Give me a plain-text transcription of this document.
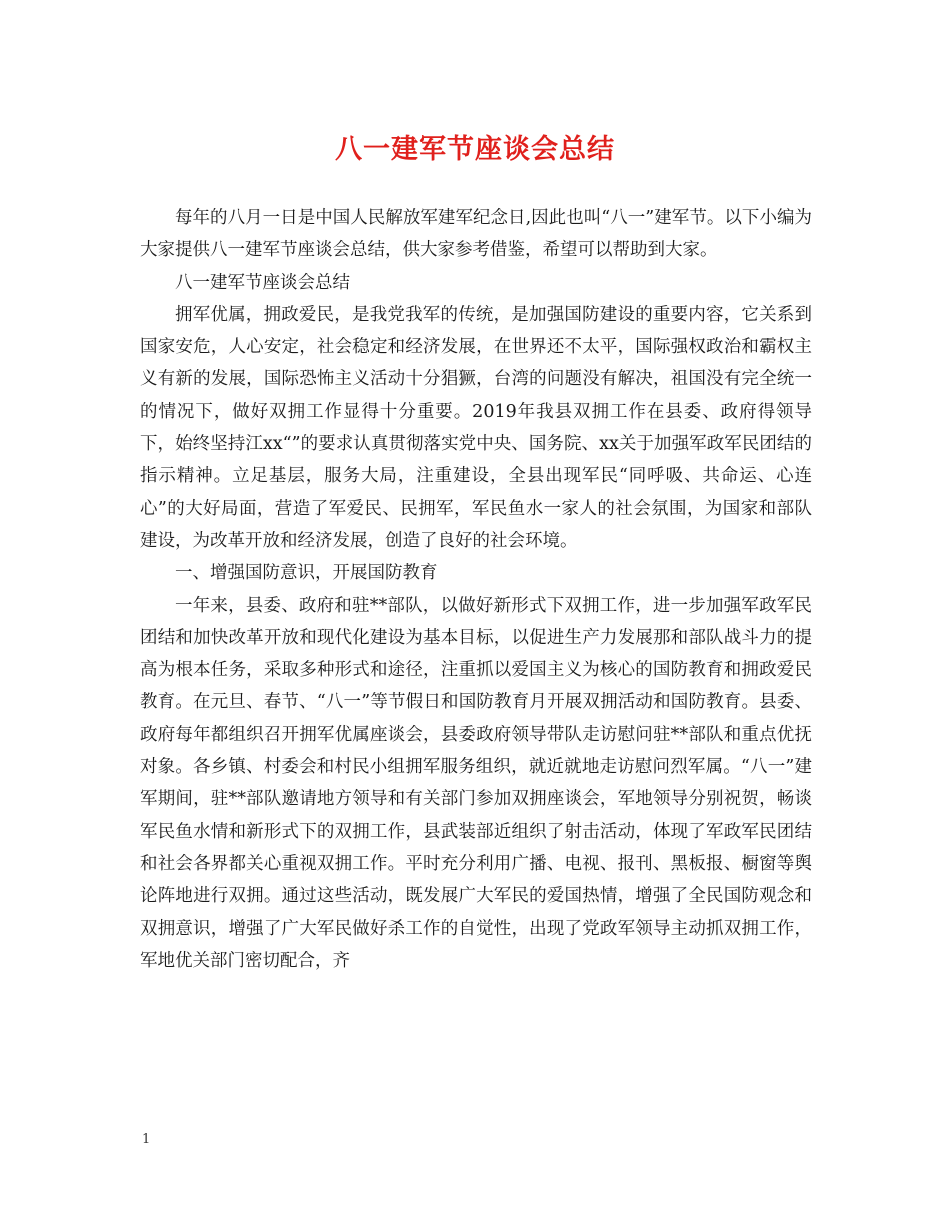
八一建军节座谈会总结

每年的八月一日是中国人民解放军建军纪念日,因此也叫“八一”建军节。以下小编为大家提供八一建军节座谈会总结，供大家参考借鉴，希望可以帮助到大家。

八一建军节座谈会总结

拥军优属，拥政爱民，是我党我军的传统，是加强国防建设的重要内容，它关系到国家安危，人心安定，社会稳定和经济发展，在世界还不太平，国际强权政治和霸权主义有新的发展，国际恐怖主义活动十分猖獗，台湾的问题没有解决，祖国没有完全统一的情况下，做好双拥工作显得十分重要。2019年我县双拥工作在县委、政府得领导下，始终坚持江xx“”的要求认真贯彻落实党中央、国务院、xx关于加强军政军民团结的指示精神。立足基层，服务大局，注重建设，全县出现军民“同呼吸、共命运、心连心”的大好局面，营造了军爱民、民拥军，军民鱼水一家人的社会氛围，为国家和部队建设，为改革开放和经济发展，创造了良好的社会环境。

一、增强国防意识，开展国防教育

一年来，县委、政府和驻**部队，以做好新形式下双拥工作，进一步加强军政军民团结和加快改革开放和现代化建设为基本目标，以促进生产力发展那和部队战斗力的提高为根本任务，采取多种形式和途径，注重抓以爱国主义为核心的国防教育和拥政爱民教育。在元旦、春节、“八一”等节假日和国防教育月开展双拥活动和国防教育。县委、政府每年都组织召开拥军优属座谈会，县委政府领导带队走访慰问驻**部队和重点优抚对象。各乡镇、村委会和村民小组拥军服务组织，就近就地走访慰问烈军属。“八一”建军期间，驻**部队邀请地方领导和有关部门参加双拥座谈会，军地领导分别祝贺，畅谈军民鱼水情和新形式下的双拥工作，县武装部近组织了射击活动，体现了军政军民团结和社会各界都关心重视双拥工作。平时充分利用广播、电视、报刊、黑板报、橱窗等舆论阵地进行双拥。通过这些活动，既发展广大军民的爱国热情，增强了全民国防观念和双拥意识，增强了广大军民做好杀工作的自觉性，出现了党政军领导主动抓双拥工作，军地优关部门密切配合，齐

1
